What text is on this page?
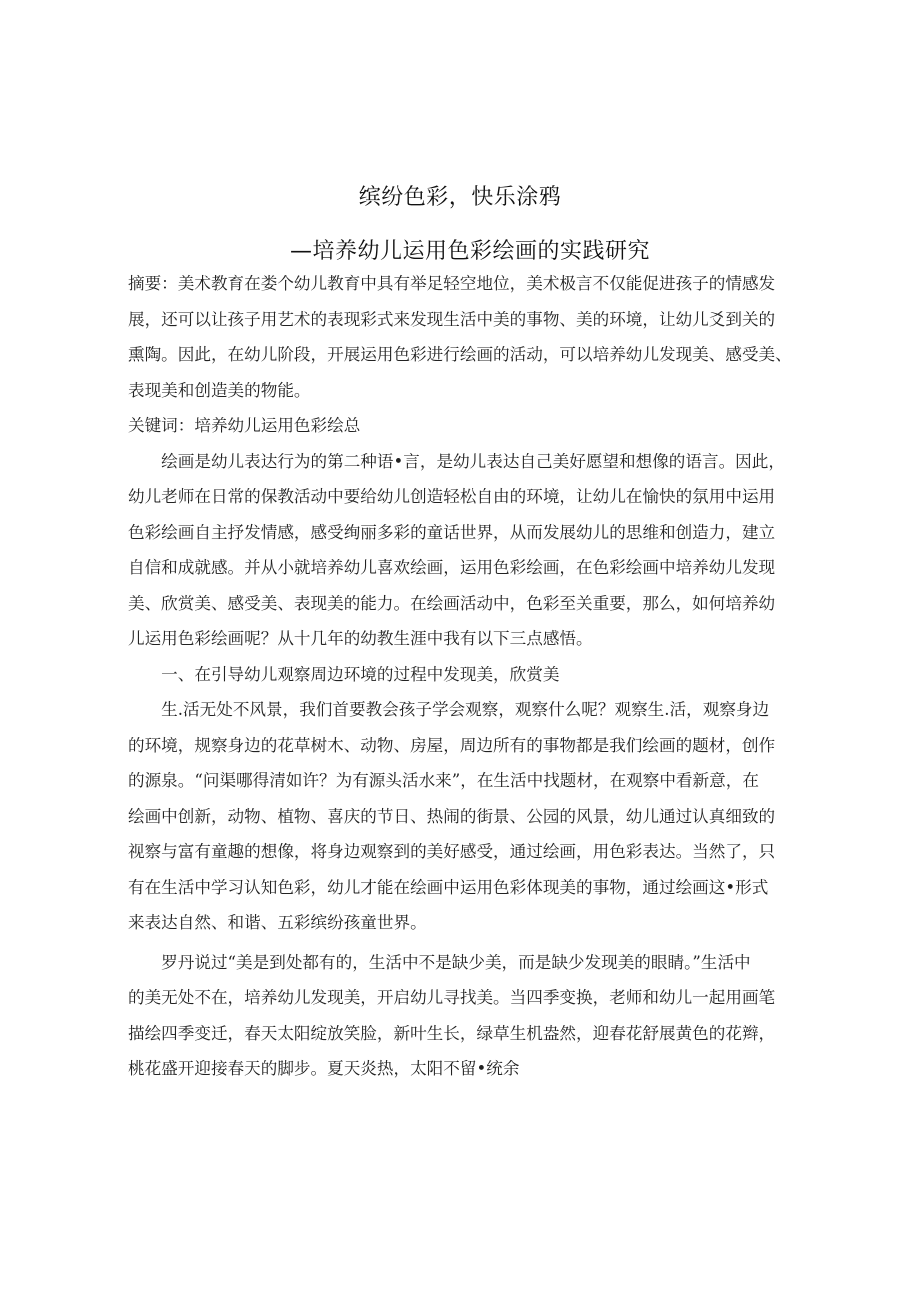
缤纷色彩，快乐涂鸦
—培养幼儿运用色彩绘画的实践研究
摘要：美术教育在娄个幼儿教育中具有举足轻空地位，美术极言不仅能促进孩子的情感发
展，还可以让孩子用艺术的表现彩式来发现生活中美的事物、美的环境，让幼儿爻到关的
熏陶。因此，在幼儿阶段，开展运用色彩进行绘画的活动，可以培养幼儿发现美、感受美、
表现美和创造美的物能。
关键词：培养幼儿运用色彩绘总
　　绘画是幼儿表达行为的第二种语•言，是幼儿表达自己美好愿望和想像的语言。因此，
幼儿老师在日常的保教活动中要给幼儿创造轻松自由的环境，让幼儿在愉快的氛用中运用
色彩绘画自主抒发情感，感受绚丽多彩的童话世界，从而发展幼儿的思维和创造力，建立
自信和成就感。并从小就培养幼儿喜欢绘画，运用色彩绘画，在色彩绘画中培养幼儿发现
美、欣赏美、感受美、表现美的能力。在绘画活动中，色彩至关重要，那么，如何培养幼
儿运用色彩绘画呢？从十几年的幼教生涯中我有以下三点感悟。
　　一、在引导幼儿观察周边环境的过程中发现美，欣赏美
　　生.活无处不风景，我们首要教会孩子学会观察，观察什么呢？观察生.活，观察身边
的环境，规察身边的花草树木、动物、房屋，周边所有的事物都是我们绘画的题材，创作
的源泉。“问渠哪得清如许？为有源头活水来”，在生活中找题材，在观察中看新意，在
绘画中创新，动物、植物、喜庆的节日、热闹的街景、公园的风景，幼儿通过认真细致的
视察与富有童趣的想像，将身边观察到的美好感受，通过绘画，用色彩表达。当然了，只
有在生活中学习认知色彩，幼儿才能在绘画中运用色彩体现美的事物，通过绘画这•形式
来表达自然、和谐、五彩缤纷孩童世界。
　　罗丹说过“美是到处都有的，生活中不是缺少美，而是缺少发现美的眼睛。”生活中
的美无处不在，培养幼儿发现美，开启幼儿寻找美。当四季变换，老师和幼儿一起用画笔
描绘四季变迁，春天太阳绽放笑脸，新叶生长，绿草生机盎然，迎春花舒展黄色的花辫，
桃花盛开迎接春天的脚步。夏天炎热，太阳不留•统余
